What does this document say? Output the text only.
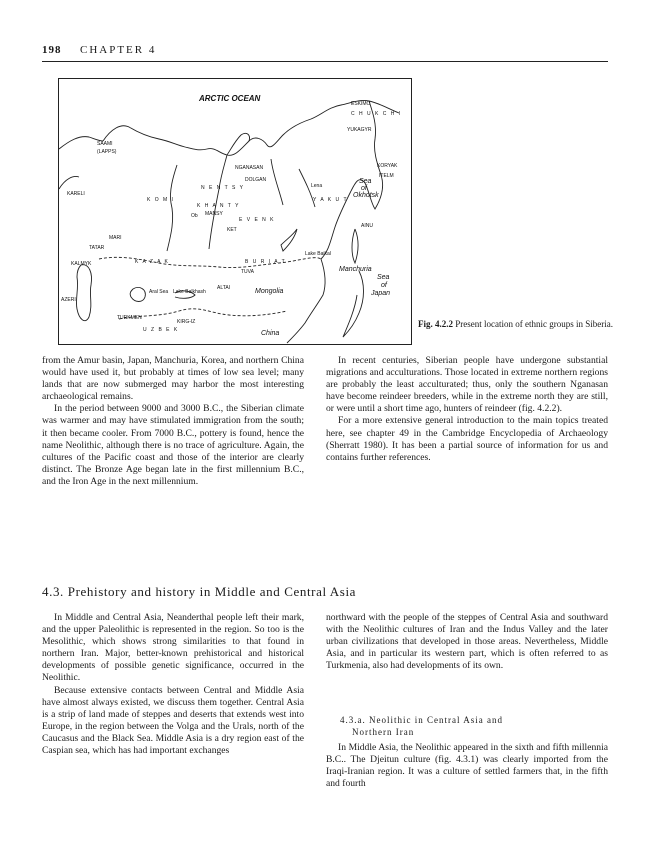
198 CHAPTER 4
ARCTIC OCEAN
ESKIMO
C H U K C H I
YUKAGYR
KORYAK
ITELM
Sea
of
Okhotsk
SAAMI
(LAPPS)
NGANASAN
DOLGAN
Lena
KARELI
K O M I
N E N T S Y
Y A K U T
E V E N K
K H A N T Y
MANSY
Ob
KET
MARI
TATAR
Lake Baikal
KALMYK	K A Z A K	B U R I A T
TUVA	Manchuria
Sea
of
Japan
AZERI
Aral Sea Lake Balkhash
ALTAI	Mongolia
TURKMEN
KIRG-IZ
U Z B E K	China
AINU
Fig. 4.2.2 Present location of ethnic groups in Siberia.

from the Amur basin, Japan, Manchuria, Korea, and northern China would have used it, but probably at times of low sea level; many lands that are now submerged may harbor the most interesting archaeological remains.

In the period between 9000 and 3000 B.C., the Siberian climate was warmer and may have stimulated immigration from the south; it then became cooler. From 7000 B.C., pottery is found, hence the name Neolithic, although there is no trace of agriculture. Again, the cultures of the Pacific coast and those of the interior are clearly distinct. The Bronze Age began late in the first millennium B.C., and the Iron Age in the next millennium.

In recent centuries, Siberian people have undergone substantial migrations and acculturations. Those located in extreme northern regions are probably the least acculturated; thus, only the southern Nganasan have become reindeer breeders, while in the extreme north they are still, or were until a short time ago, hunters of reindeer (fig. 4.2.2).

For a more extensive general introduction to the main topics treated here, see chapter 49 in the Cambridge Encyclopedia of Archaeology (Sherratt 1980). It has been a partial source of information for us and contains further references.

4.3. Prehistory and history in Middle and Central Asia

In Middle and Central Asia, Neanderthal people left their mark, and the upper Paleolithic is represented in the region. So too is the Mesolithic, which shows strong similarities to that found in northern Iran. Major, better-known prehistorical and historical developments of possible genetic significance, occurred in the Neolithic.

Because extensive contacts between Central and Middle Asia have almost always existed, we discuss them together. Central Asia is a strip of land made of steppes and deserts that extends west into Europe, in the region between the Volga and the Urals, north of the Caucasus and the Black Sea. Middle Asia is a dry region east of the Caspian sea, which has had important exchanges

northward with the people of the steppes of Central Asia and southward with the Neolithic cultures of Iran and the Indus Valley and the later urban civilizations that developed in those areas. Nevertheless, Middle Asia, and in particular its western part, which is often referred to as Turkmenia, also had developments of its own.

4.3.a. Neolithic in Central Asia and
Northern Iran

In Middle Asia, the Neolithic appeared in the sixth and fifth millennia B.C.. The Djeitun culture (fig. 4.3.1) was clearly imported from the Iraqi-Iranian region. It was a culture of settled farmers that, in the fifth and fourth
